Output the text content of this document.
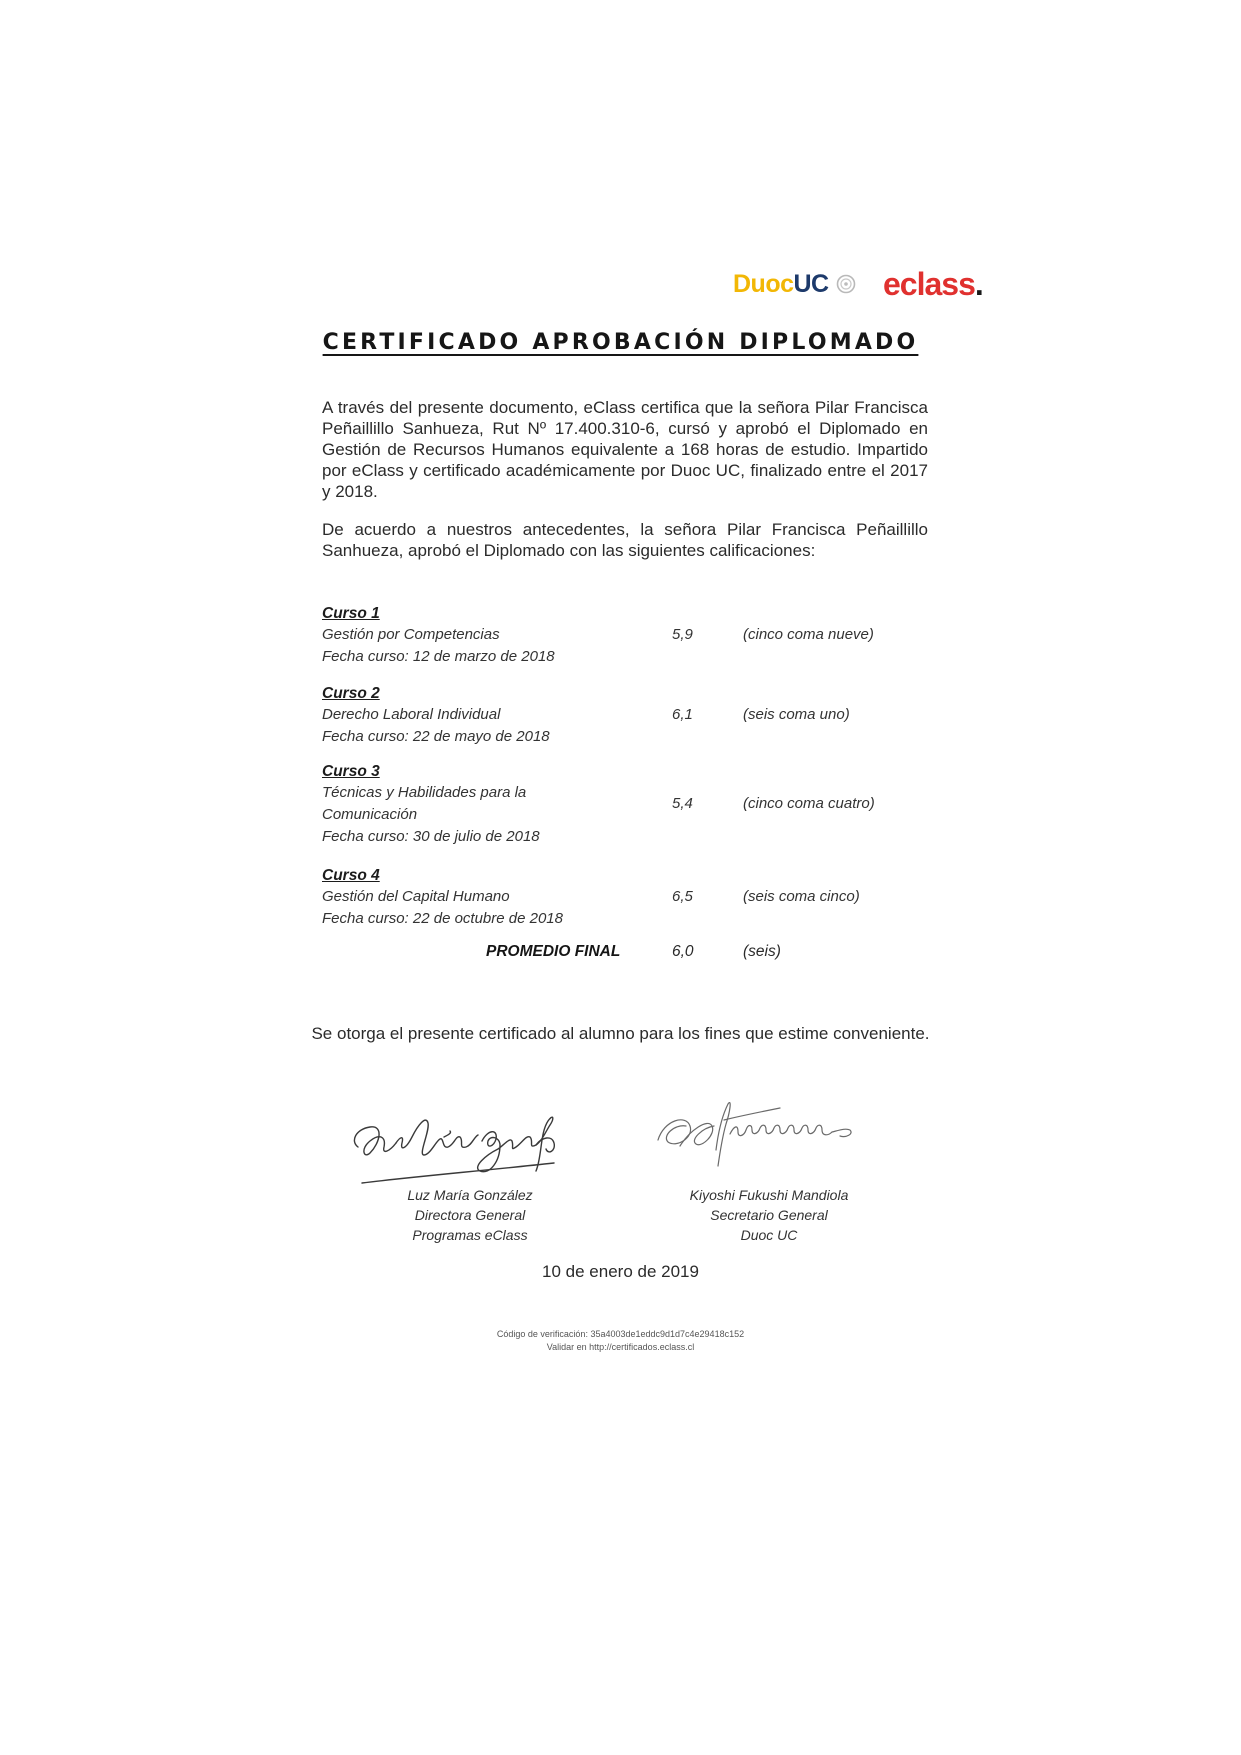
DuocUC eclass.
CERTIFICADO APROBACIÓN DIPLOMADO
A través del presente documento, eClass certifica que la señora Pilar Francisca Peñaillillo Sanhueza, Rut Nº 17.400.310-6, cursó y aprobó el Diplomado en Gestión de Recursos Humanos equivalente a 168 horas de estudio. Impartido por eClass y certificado académicamente por Duoc UC, finalizado entre el 2017 y 2018.
De acuerdo a nuestros antecedentes, la señora Pilar Francisca Peñaillillo Sanhueza, aprobó el Diplomado con las siguientes calificaciones:
Curso 1
Gestión por Competencias
Fecha curso: 12 de marzo de 2018
5,9	(cinco coma nueve)
Curso 2
Derecho Laboral Individual
Fecha curso: 22 de mayo de 2018
6,1	(seis coma uno)
Curso 3
Técnicas y Habilidades para la
Comunicación
Fecha curso: 30 de julio de 2018
5,4	(cinco coma cuatro)
Curso 4
Gestión del Capital Humano
Fecha curso: 22 de octubre de 2018
6,5	(seis coma cinco)
PROMEDIO FINAL	6,0	(seis)
Se otorga el presente certificado al alumno para los fines que estime conveniente.
Luz María González
Directora General
Programas eClass
Kiyoshi Fukushi Mandiola
Secretario General
Duoc UC
10 de enero de 2019
Código de verificación: 35a4003de1eddc9d1d7c4e29418c152
Validar en http://certificados.eclass.cl
